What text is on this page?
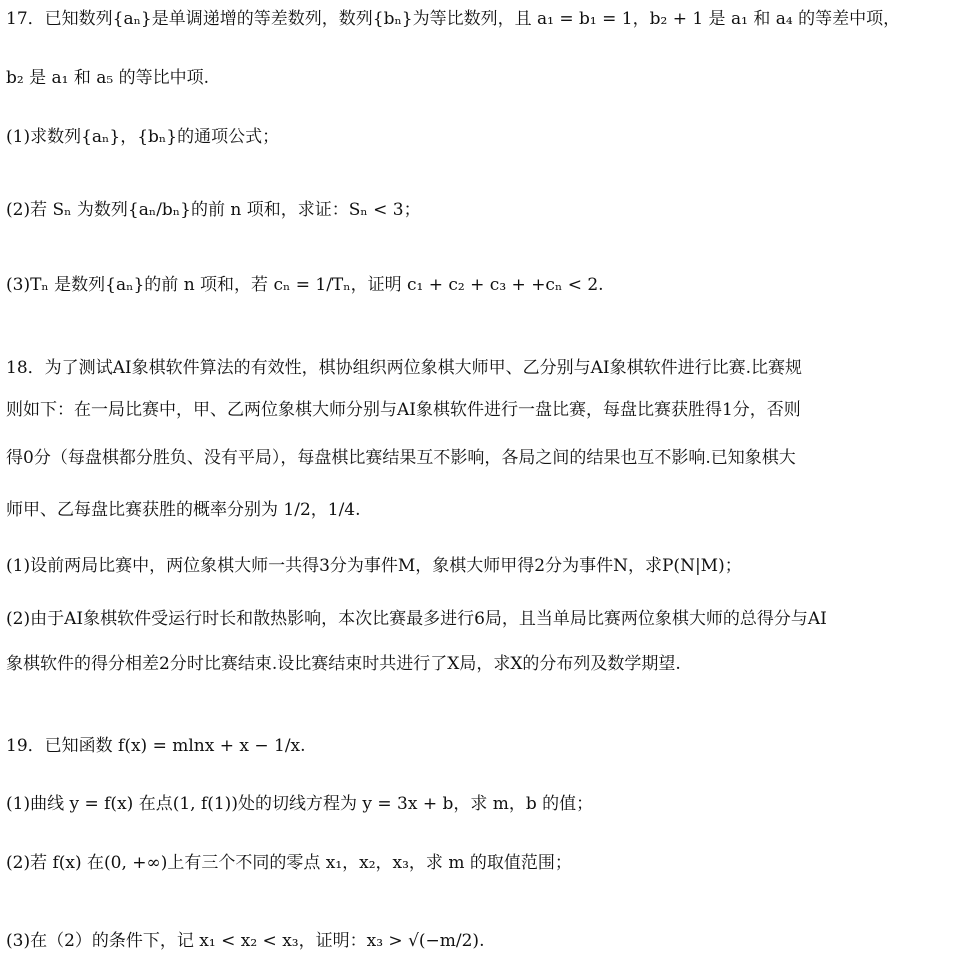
17．已知数列{aₙ}是单调递增的等差数列，数列{bₙ}为等比数列，且 a₁ = b₁ = 1，b₂ + 1 是 a₁ 和 a₄ 的等差中项，
b₂ 是 a₁ 和 a₅ 的等比中项.
(1)求数列{aₙ}，{bₙ}的通项公式；
(2)若 Sₙ 为数列{aₙ/bₙ}的前 n 项和，求证：Sₙ < 3；
(3)Tₙ 是数列{aₙ}的前 n 项和，若 cₙ = 1/Tₙ，证明 c₁ + c₂ + c₃ + +cₙ < 2.
18．为了测试AI象棋软件算法的有效性，棋协组织两位象棋大师甲、乙分别与AI象棋软件进行比赛.比赛规
则如下：在一局比赛中，甲、乙两位象棋大师分别与AI象棋软件进行一盘比赛，每盘比赛获胜得1分，否则
得0分（每盘棋都分胜负、没有平局），每盘棋比赛结果互不影响，各局之间的结果也互不影响.已知象棋大
师甲、乙每盘比赛获胜的概率分别为 1/2，1/4.
(1)设前两局比赛中，两位象棋大师一共得3分为事件M，象棋大师甲得2分为事件N，求P(N|M)；
(2)由于AI象棋软件受运行时长和散热影响，本次比赛最多进行6局，且当单局比赛两位象棋大师的总得分与AI
象棋软件的得分相差2分时比赛结束.设比赛结束时共进行了X局，求X的分布列及数学期望.
19．已知函数 f(x) = mlnx + x − 1/x.
(1)曲线 y = f(x) 在点(1, f(1))处的切线方程为 y = 3x + b，求 m，b 的值；
(2)若 f(x) 在(0, +∞)上有三个不同的零点 x₁，x₂，x₃，求 m 的取值范围；
(3)在（2）的条件下，记 x₁ < x₂ < x₃，证明：x₃ > √(−m/2).
